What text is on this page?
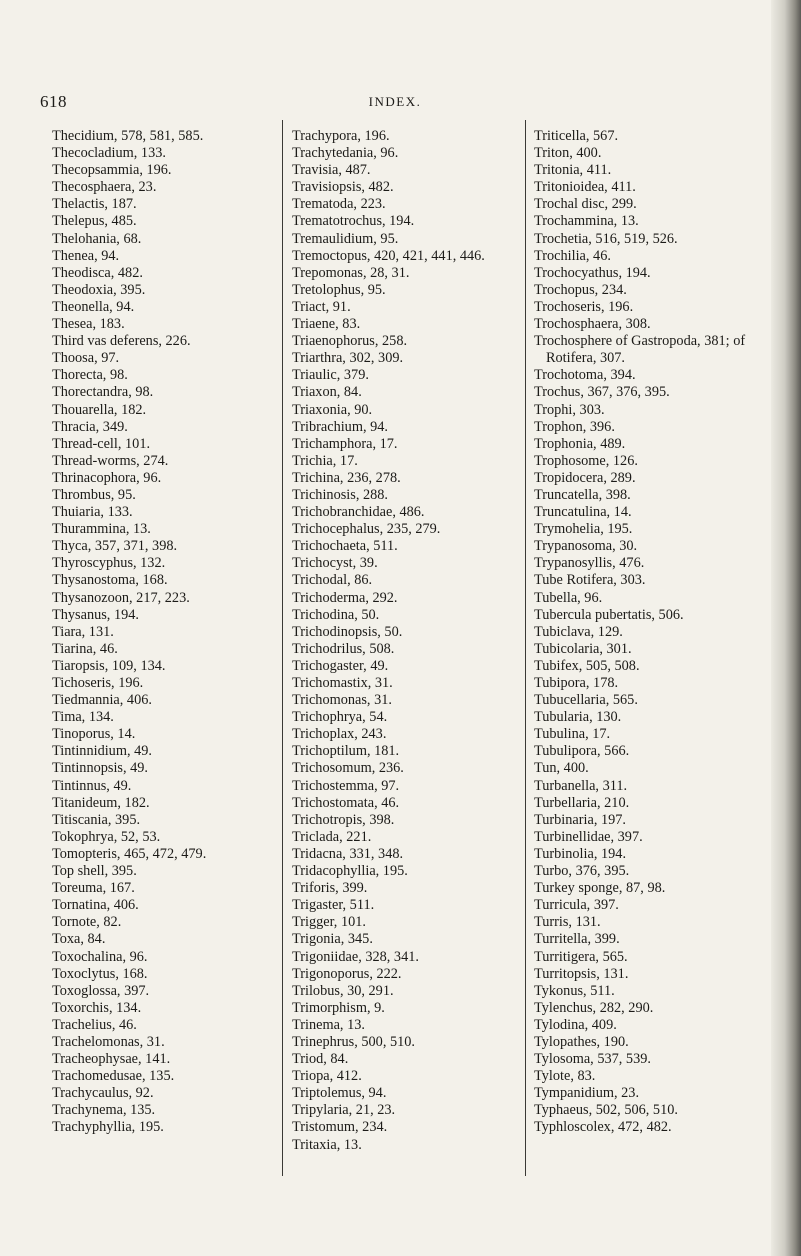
618	INDEX.
Thecidium, 578, 581, 585.
Thecocladium, 133.
Thecopsammia, 196.
Thecosphaera, 23.
Thelactis, 187.
Thelepus, 485.
Thelohania, 68.
Thenea, 94.
Theodisca, 482.
Theodoxia, 395.
Theonella, 94.
Thesea, 183.
Third vas deferens, 226.
Thoosa, 97.
Thorecta, 98.
Thorectandra, 98.
Thouarella, 182.
Thracia, 349.
Thread-cell, 101.
Thread-worms, 274.
Thrinacophora, 96.
Thrombus, 95.
Thuiaria, 133.
Thurammina, 13.
Thyca, 357, 371, 398.
Thyroscyphus, 132.
Thysanostoma, 168.
Thysanozoon, 217, 223.
Thysanus, 194.
Tiara, 131.
Tiarina, 46.
Tiaropsis, 109, 134.
Tichoseris, 196.
Tiedmannia, 406.
Tima, 134.
Tinoporus, 14.
Tintinnidium, 49.
Tintinnopsis, 49.
Tintinnus, 49.
Titanideum, 182.
Titiscania, 395.
Tokophrya, 52, 53.
Tomopteris, 465, 472, 479.
Top shell, 395.
Toreuma, 167.
Tornatina, 406.
Tornote, 82.
Toxa, 84.
Toxochalina, 96.
Toxoclytus, 168.
Toxoglossa, 397.
Toxorchis, 134.
Trachelius, 46.
Trachelomonas, 31.
Tracheophysae, 141.
Trachomedusae, 135.
Trachycaulus, 92.
Trachynema, 135.
Trachyphyllia, 195.
Trachypora, 196.
Trachytedania, 96.
Travisia, 487.
Travisiopsis, 482.
Trematoda, 223.
Trematotrochus, 194.
Tremaulidium, 95.
Tremoctopus, 420, 421, 441, 446.
Trepomonas, 28, 31.
Tretolophus, 95.
Triact, 91.
Triaene, 83.
Triaenophorus, 258.
Triarthra, 302, 309.
Triaulic, 379.
Triaxon, 84.
Triaxonia, 90.
Tribrachium, 94.
Trichamphora, 17.
Trichia, 17.
Trichina, 236, 278.
Trichinosis, 288.
Trichobranchidae, 486.
Trichocephalus, 235, 279.
Trichochaeta, 511.
Trichocyst, 39.
Trichodal, 86.
Trichoderma, 292.
Trichodina, 50.
Trichodinopsis, 50.
Trichodrilus, 508.
Trichogaster, 49.
Trichomastix, 31.
Trichomonas, 31.
Trichophrya, 54.
Trichoplax, 243.
Trichoptilum, 181.
Trichosomum, 236.
Trichostemma, 97.
Trichostomata, 46.
Trichotropis, 398.
Triclada, 221.
Tridacna, 331, 348.
Tridacophyllia, 195.
Triforis, 399.
Trigaster, 511.
Trigger, 101.
Trigonia, 345.
Trigoniidae, 328, 341.
Trigonoporus, 222.
Trilobus, 30, 291.
Trimorphism, 9.
Trinema, 13.
Trinephrus, 500, 510.
Triod, 84.
Triopa, 412.
Triptolemus, 94.
Tripylaria, 21, 23.
Tristomum, 234.
Tritaxia, 13.
Triticella, 567.
Triton, 400.
Tritonia, 411.
Tritonioidea, 411.
Trochal disc, 299.
Trochammina, 13.
Trochetia, 516, 519, 526.
Trochilia, 46.
Trochocyathus, 194.
Trochopus, 234.
Trochoseris, 196.
Trochosphaera, 308.
Trochosphere of Gastropoda, 381; of Rotifera, 307.
Trochotoma, 394.
Trochus, 367, 376, 395.
Trophi, 303.
Trophon, 396.
Trophonia, 489.
Trophosome, 126.
Tropidocera, 289.
Truncatella, 398.
Truncatulina, 14.
Trymohelia, 195.
Trypanosoma, 30.
Trypanosyllis, 476.
Tube Rotifera, 303.
Tubella, 96.
Tubercula pubertatis, 506.
Tubiclava, 129.
Tubicolaria, 301.
Tubifex, 505, 508.
Tubipora, 178.
Tubucellaria, 565.
Tubularia, 130.
Tubulina, 17.
Tubulipora, 566.
Tun, 400.
Turbanella, 311.
Turbellaria, 210.
Turbinaria, 197.
Turbinellidae, 397.
Turbinolia, 194.
Turbo, 376, 395.
Turkey sponge, 87, 98.
Turricula, 397.
Turris, 131.
Turritella, 399.
Turritigera, 565.
Turritopsis, 131.
Tykonus, 511.
Tylenchus, 282, 290.
Tylodina, 409.
Tylopathes, 190.
Tylosoma, 537, 539.
Tylote, 83.
Tympanidium, 23.
Typhaeus, 502, 506, 510.
Typhloscolex, 472, 482.
